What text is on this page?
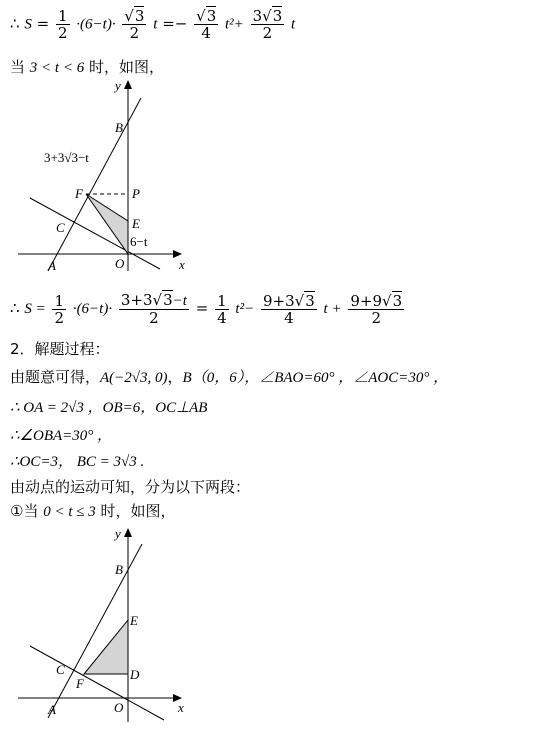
∴ $S = \frac{1}{2} \cdot(6-t)\cdot \frac{√3}{2}$ $t =- \frac{√3}{4} t^2+ \frac{3√3}{2}$ t
当 3 < t < 6 时，如图，
y
x
B
P
F
E
C
A	O
3+3√3−t
6−t
∴ $S = \frac{1}{2} \cdot(6-t)\cdot \frac{3+3√3-t}{2} = \frac{1}{4} t^2- \frac{9+3√3}{4}$ $t + \frac{9+9√3}{2}$
2．解题过程：
由题意可得，A(−2√3, 0)，B（0，6），∠BAO=60° ，∠AOC=30° ，
∴ OA = 2√3 ，OB=6，OC⊥AB
∴∠OBA=30° ，
∴OC=3， BC = 3√3 .
由动点的运动可知，分为以下两段：
①当 0 < t ≤ 3 时，如图，
y
x
B
E
C
F
D
A	O
